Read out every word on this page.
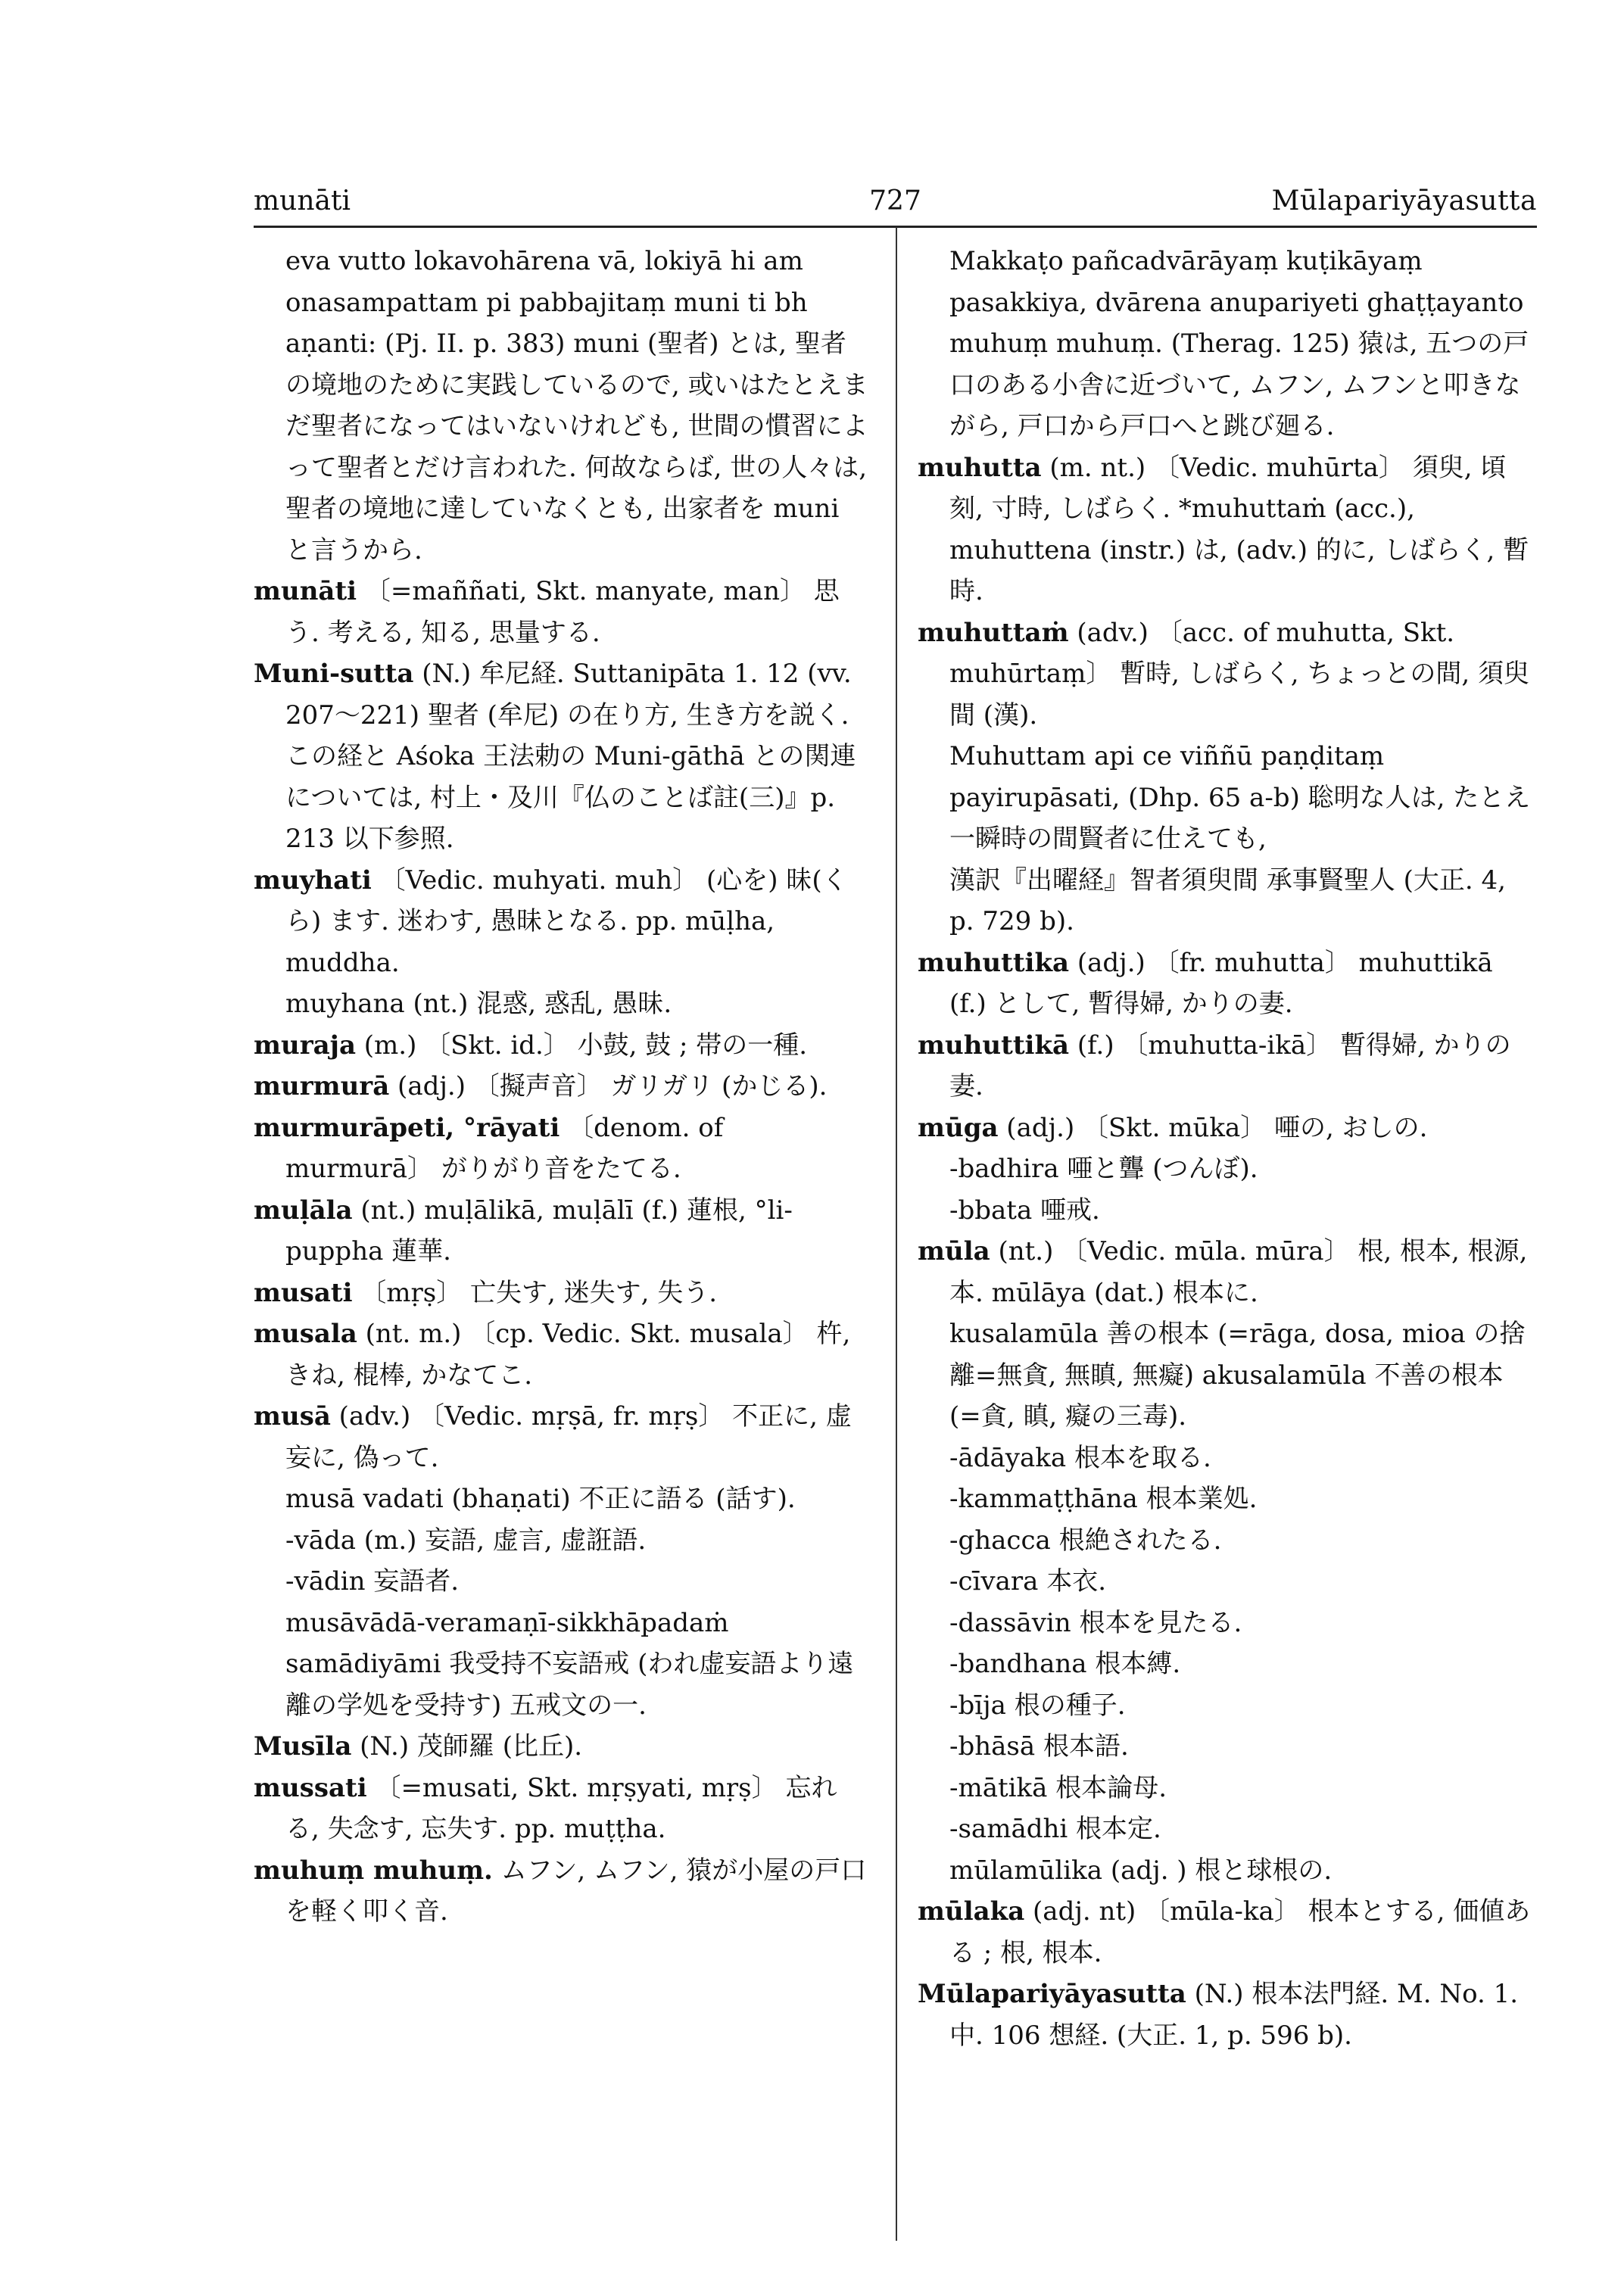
munāti	727	Mūlapariyāyasutta

eva vutto lokavohārena vā, lokiyā hi am onasampattam pi pabbajitaṃ muni ti bh aṇanti: (Pj. II. p. 383) muni (聖者) とは, 聖者の境地のために実践しているので, 或いはたとえまだ聖者になってはいないけれども, 世間の慣習によって聖者とだけ言われた. 何故ならば, 世の人々は, 聖者の境地に達していなくとも, 出家者を muni と言うから.

munāti 〔=maññati, Skt. manyate, man〕 思う. 考える, 知る, 思量する.

Muni-sutta (N.) 牟尼経. Suttanipāta 1. 12 (vv. 207〜221) 聖者 (牟尼) の在り方, 生き方を説く. この経と Aśoka 王法勅の Muni-gāthā との関連については, 村上・及川『仏のことば註(三)』p. 213 以下参照.

muyhati 〔Vedic. muhyati. muh〕 (心を) 昧(くら) ます. 迷わす, 愚昧となる. pp. mūḷha, muddha.

muyhana (nt.) 混惑, 惑乱, 愚昧.

muraja (m.) 〔Skt. id.〕 小鼓, 鼓 ; 帯の一種.

murmurā (adj.) 〔擬声音〕 ガリガリ (かじる).

murmurāpeti, °rāyati 〔denom. of murmurā〕 がりがり音をたてる.

muḷāla (nt.) muḷālikā, muḷālī (f.) 蓮根, °li-puppha 蓮華.

musati 〔mṛṣ〕 亡失す, 迷失す, 失う.

musala (nt. m.) 〔cp. Vedic. Skt. musala〕 杵, きね, 棍棒, かなてこ.

musā (adv.) 〔Vedic. mṛṣā, fr. mṛṣ〕 不正に, 虚妄に, 偽って.

musā vadati (bhaṇati) 不正に語る (話す).

-vāda (m.) 妄語, 虚言, 虚誑語.

-vādin 妄語者.

musāvādā-veramaṇī-sikkhāpadaṁ samādiyāmi 我受持不妄語戒 (われ虚妄語より遠離の学処を受持す) 五戒文の一.

Musīla (N.) 茂師羅 (比丘).

mussati 〔=musati, Skt. mṛṣyati, mṛṣ〕 忘れる, 失念す, 忘失す. pp. muṭṭha.

muhuṃ muhuṃ. ムフン, ムフン, 猿が小屋の戸口を軽く叩く音.

Makkaṭo pañcadvārāyaṃ kuṭikāyaṃ pasakkiya, dvārena anupariyeti ghaṭṭayanto muhuṃ muhuṃ. (Therag. 125) 猿は, 五つの戸口のある小舎に近づいて, ムフン, ムフンと叩きながら, 戸口から戸口へと跳び廻る.

muhutta (m. nt.) 〔Vedic. muhūrta〕 須臾, 頃刻, 寸時, しばらく. *muhuttaṁ (acc.), muhuttena (instr.) は, (adv.) 的に, しばらく, 暫時.

muhuttaṁ (adv.) 〔acc. of muhutta, Skt. muhūrtaṃ〕 暫時, しばらく, ちょっとの間, 須臾間 (漢).

Muhuttam api ce viññū paṇḍitaṃ payirupāsati, (Dhp. 65 a-b) 聡明な人は, たとえ一瞬時の間賢者に仕えても,

漢訳『出曜経』智者須臾間 承事賢聖人 (大正. 4, p. 729 b).

muhuttika (adj.) 〔fr. muhutta〕 muhuttikā (f.) として, 暫得婦, かりの妻.

muhuttikā (f.) 〔muhutta-ikā〕 暫得婦, かりの妻.

mūga (adj.) 〔Skt. mūka〕 唖の, おしの.

-badhira 唖と聾 (つんぼ).

-bbata 唖戒.

mūla (nt.) 〔Vedic. mūla. mūra〕 根, 根本, 根源, 本. mūlāya (dat.) 根本に.

kusalamūla 善の根本 (=rāga, dosa, mioa の捨離=無貪, 無瞋, 無癡) akusalamūla 不善の根本 (=貪, 瞋, 癡の三毒).

-ādāyaka 根本を取る.

-kammaṭṭhāna 根本業処.

-ghacca 根絶されたる.

-cīvara 本衣.

-dassāvin 根本を見たる.

-bandhana 根本縛.

-bīja 根の種子.

-bhāsā 根本語.

-mātikā 根本論母.

-samādhi 根本定.

mūlamūlika (adj. ) 根と球根の.

mūlaka (adj. nt) 〔mūla-ka〕 根本とする, 価値ある ; 根, 根本.

Mūlapariyāyasutta (N.) 根本法門経. M. No. 1. 中. 106 想経. (大正. 1, p. 596 b).
